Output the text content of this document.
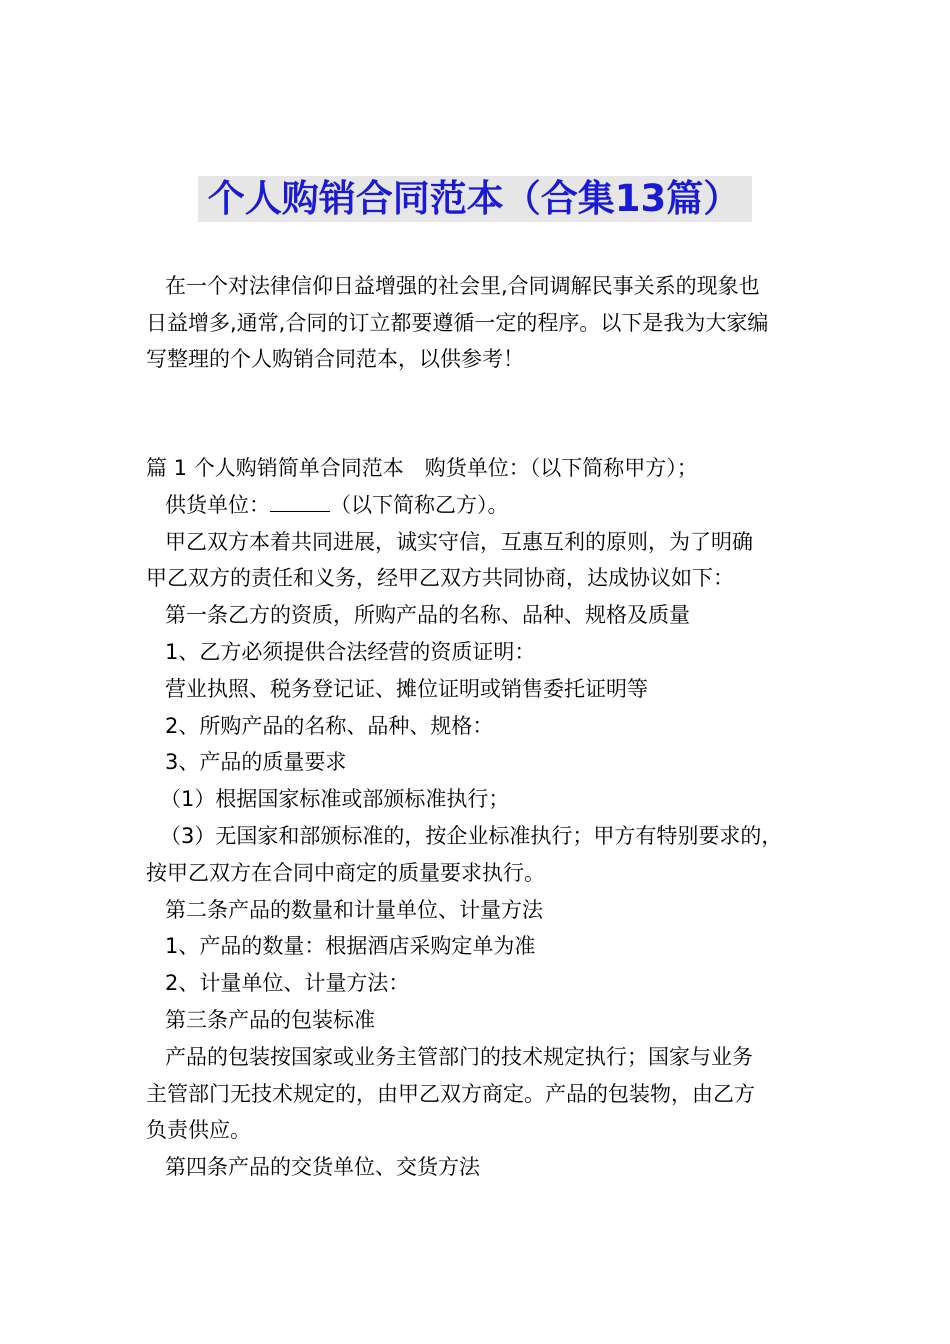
个人购销合同范本（合集13篇）
在一个对法律信仰日益增强的社会里,合同调解民事关系的现象也
日益增多,通常,合同的订立都要遵循一定的程序。以下是我为大家编
写整理的个人购销合同范本，以供参考！
篇 1 个人购销简单合同范本　购货单位：（以下简称甲方）；
供货单位：	（以下简称乙方）。
甲乙双方本着共同进展，诚实守信，互惠互利的原则，为了明确
甲乙双方的责任和义务，经甲乙双方共同协商，达成协议如下：
第一条乙方的资质，所购产品的名称、品种、规格及质量
1、乙方必须提供合法经营的资质证明：
营业执照、税务登记证、摊位证明或销售委托证明等
2、所购产品的名称、品种、规格：
3、产品的质量要求
（1）根据国家标准或部颁标准执行；
（3）无国家和部颁标准的，按企业标准执行；甲方有特别要求的，
按甲乙双方在合同中商定的质量要求执行。
第二条产品的数量和计量单位、计量方法
1、产品的数量：根据酒店采购定单为准
2、计量单位、计量方法：
第三条产品的包装标准
产品的包装按国家或业务主管部门的技术规定执行；国家与业务
主管部门无技术规定的，由甲乙双方商定。产品的包装物，由乙方
负责供应。
第四条产品的交货单位、交货方法
